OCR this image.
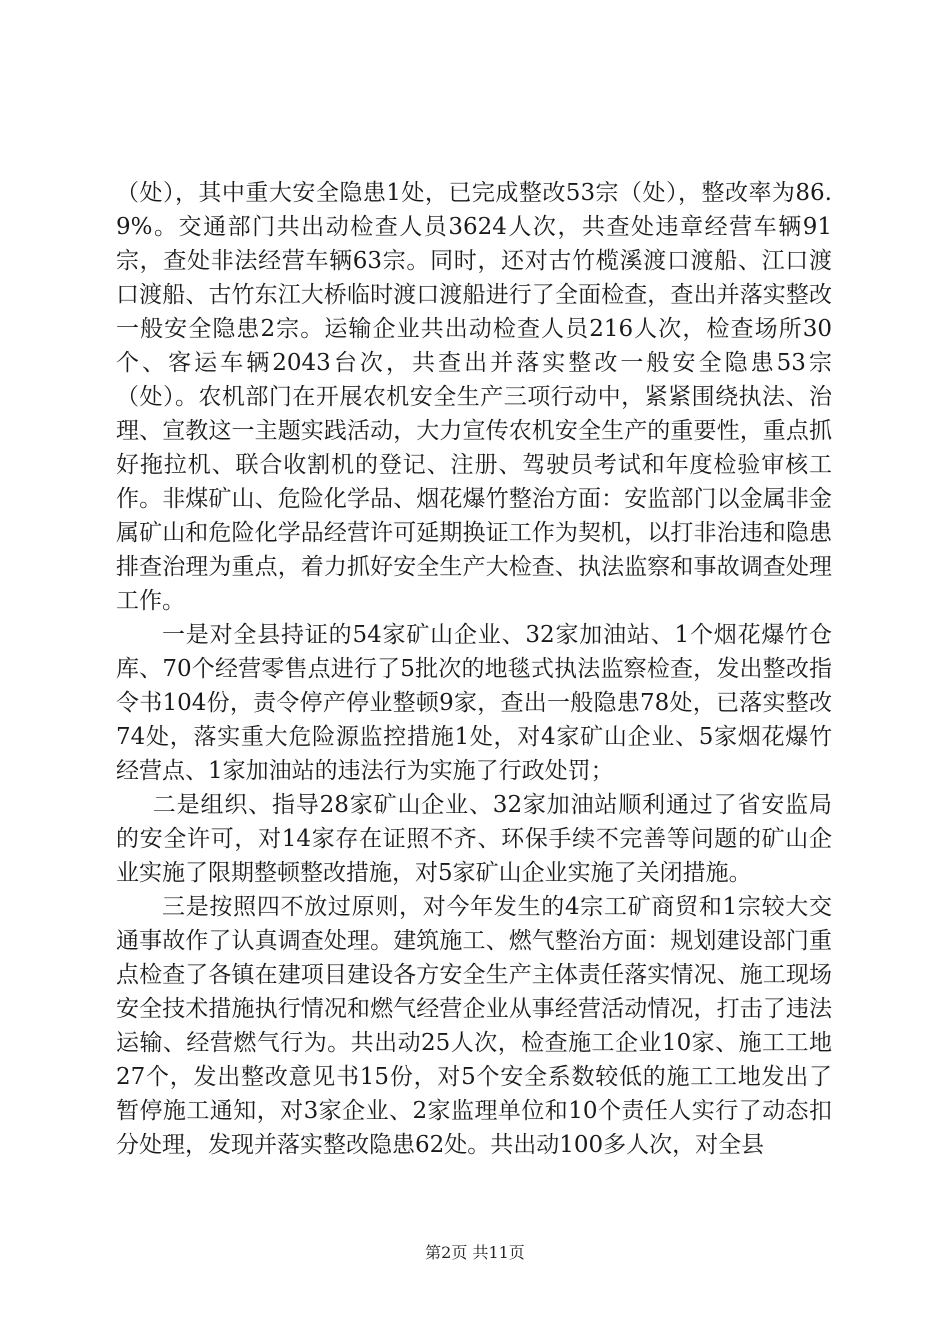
（处），其中重大安全隐患1处，已完成整改53宗（处），整改率为86.9%。交通部门共出动检查人员3624人次，共查处违章经营车辆91宗，查处非法经营车辆63宗。同时，还对古竹榄溪渡口渡船、江口渡口渡船、古竹东江大桥临时渡口渡船进行了全面检查，查出并落实整改一般安全隐患2宗。运输企业共出动检查人员216人次，检查场所30个、客运车辆2043台次，共查出并落实整改一般安全隐患53宗（处）。农机部门在开展农机安全生产三项行动中，紧紧围绕执法、治理、宣教这一主题实践活动，大力宣传农机安全生产的重要性，重点抓好拖拉机、联合收割机的登记、注册、驾驶员考试和年度检验审核工作。非煤矿山、危险化学品、烟花爆竹整治方面：安监部门以金属非金属矿山和危险化学品经营许可延期换证工作为契机，以打非治违和隐患排查治理为重点，着力抓好安全生产大检查、执法监察和事故调查处理工作。

一是对全县持证的54家矿山企业、32家加油站、1个烟花爆竹仓库、70个经营零售点进行了5批次的地毯式执法监察检查，发出整改指令书104份，责令停产停业整顿9家，查出一般隐患78处，已落实整改74处，落实重大危险源监控措施1处，对4家矿山企业、5家烟花爆竹经营点、1家加油站的违法行为实施了行政处罚；

二是组织、指导28家矿山企业、32家加油站顺利通过了省安监局的安全许可，对14家存在证照不齐、环保手续不完善等问题的矿山企业实施了限期整顿整改措施，对5家矿山企业实施了关闭措施。

三是按照四不放过原则，对今年发生的4宗工矿商贸和1宗较大交通事故作了认真调查处理。建筑施工、燃气整治方面：规划建设部门重点检查了各镇在建项目建设各方安全生产主体责任落实情况、施工现场安全技术措施执行情况和燃气经营企业从事经营活动情况，打击了违法运输、经营燃气行为。共出动25人次，检查施工企业10家、施工工地27个，发出整改意见书15份，对5个安全系数较低的施工工地发出了暂停施工通知，对3家企业、2家监理单位和10个责任人实行了动态扣分处理，发现并落实整改隐患62处。共出动100多人次，对全县

第2页 共11页
